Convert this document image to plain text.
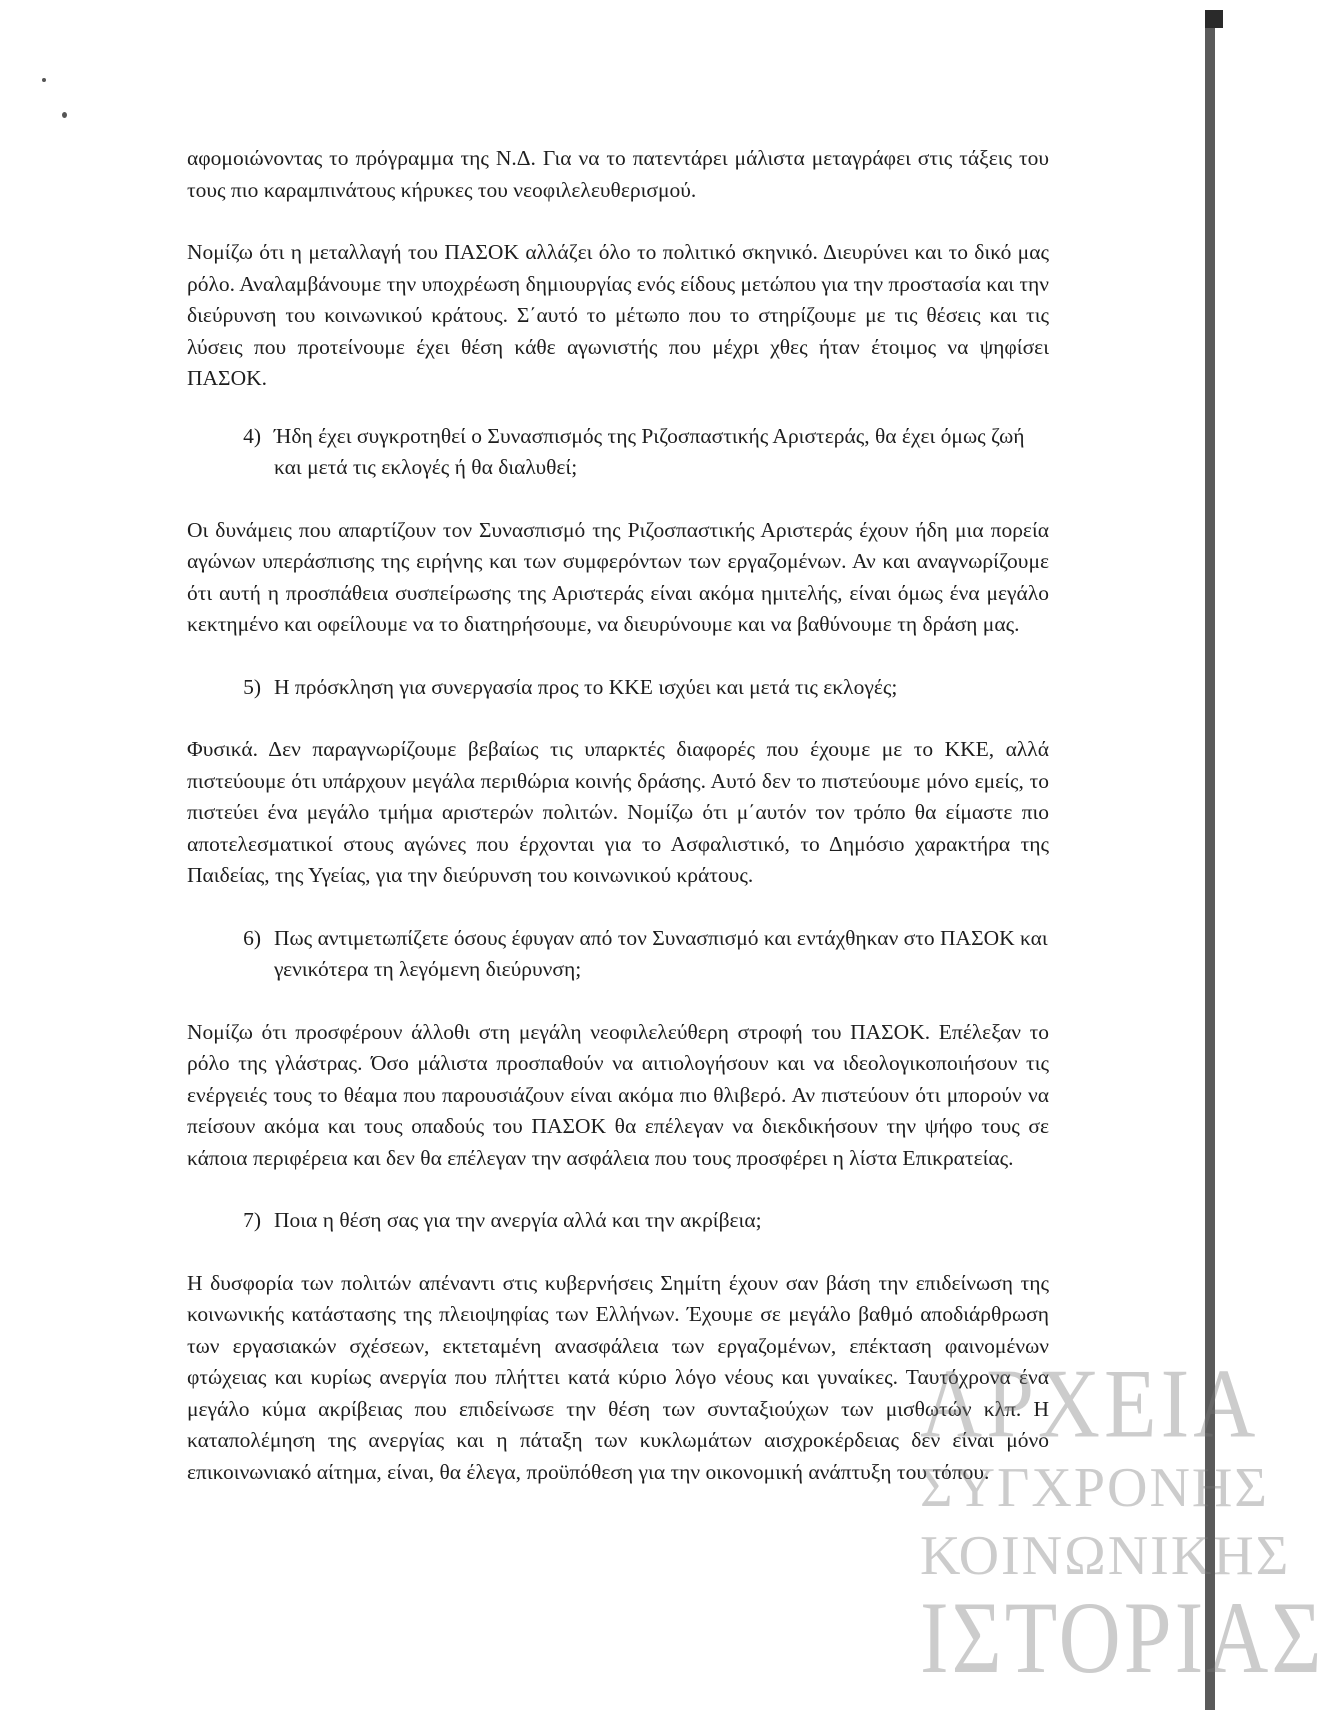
αφομοιώνοντας το πρόγραμμα της Ν.Δ. Για να το πατεντάρει μάλιστα μεταγράφει στις τάξεις του τους πιο καραμπινάτους κήρυκες του νεοφιλελευθερισμού.

Νομίζω ότι η μεταλλαγή του ΠΑΣΟΚ αλλάζει όλο το πολιτικό σκηνικό. Διευρύνει και το δικό μας ρόλο. Αναλαμβάνουμε την υποχρέωση δημιουργίας ενός είδους μετώπου για την προστασία και την διεύρυνση του κοινωνικού κράτους. Σ΄αυτό το μέτωπο που το στηρίζουμε με τις θέσεις και τις λύσεις που προτείνουμε έχει θέση κάθε αγωνιστής που μέχρι χθες ήταν έτοιμος να ψηφίσει ΠΑΣΟΚ.

4) Ήδη έχει συγκροτηθεί ο Συνασπισμός της Ριζοσπαστικής Αριστεράς, θα έχει όμως ζωή και μετά τις εκλογές ή θα διαλυθεί;

Οι δυνάμεις που απαρτίζουν τον Συνασπισμό της Ριζοσπαστικής Αριστεράς έχουν ήδη μια πορεία αγώνων υπεράσπισης της ειρήνης και των συμφερόντων των εργαζομένων. Αν και αναγνωρίζουμε ότι αυτή η προσπάθεια συσπείρωσης της Αριστεράς είναι ακόμα ημιτελής, είναι όμως ένα μεγάλο κεκτημένο και οφείλουμε να το διατηρήσουμε, να διευρύνουμε και να βαθύνουμε τη δράση μας.

5) Η πρόσκληση για συνεργασία προς το ΚΚΕ ισχύει και μετά τις εκλογές;

Φυσικά. Δεν παραγνωρίζουμε βεβαίως τις υπαρκτές διαφορές που έχουμε με το ΚΚΕ, αλλά πιστεύουμε ότι υπάρχουν μεγάλα περιθώρια κοινής δράσης. Αυτό δεν το πιστεύουμε μόνο εμείς, το πιστεύει ένα μεγάλο τμήμα αριστερών πολιτών. Νομίζω ότι μ΄αυτόν τον τρόπο θα είμαστε πιο αποτελεσματικοί στους αγώνες που έρχονται για το Ασφαλιστικό, το Δημόσιο χαρακτήρα της Παιδείας, της Υγείας, για την διεύρυνση του κοινωνικού κράτους.

6) Πως αντιμετωπίζετε όσους έφυγαν από τον Συνασπισμό και εντάχθηκαν στο ΠΑΣΟΚ και γενικότερα τη λεγόμενη διεύρυνση;

Νομίζω ότι προσφέρουν άλλοθι στη μεγάλη νεοφιλελεύθερη στροφή του ΠΑΣΟΚ. Επέλεξαν το ρόλο της γλάστρας. Όσο μάλιστα προσπαθούν να αιτιολογήσουν και να ιδεολογικοποιήσουν τις ενέργειές τους το θέαμα που παρουσιάζουν είναι ακόμα πιο θλιβερό. Αν πιστεύουν ότι μπορούν να πείσουν ακόμα και τους οπαδούς του ΠΑΣΟΚ θα επέλεγαν να διεκδικήσουν την ψήφο τους σε κάποια περιφέρεια και δεν θα επέλεγαν την ασφάλεια που τους προσφέρει η λίστα Επικρατείας.

7) Ποια η θέση σας για την ανεργία αλλά και την ακρίβεια;

Η δυσφορία των πολιτών απέναντι στις κυβερνήσεις Σημίτη έχουν σαν βάση την επιδείνωση της κοινωνικής κατάστασης της πλειοψηφίας των Ελλήνων. Έχουμε σε μεγάλο βαθμό αποδιάρθρωση των εργασιακών σχέσεων, εκτεταμένη ανασφάλεια των εργαζομένων, επέκταση φαινομένων φτώχειας και κυρίως ανεργία που πλήττει κατά κύριο λόγο νέους και γυναίκες. Ταυτόχρονα ένα μεγάλο κύμα ακρίβειας που επιδείνωσε την θέση των συνταξιούχων των μισθωτών κλπ. Η καταπολέμηση της ανεργίας και η πάταξη των κυκλωμάτων αισχροκέρδειας δεν είναι μόνο επικοινωνιακό αίτημα, είναι, θα έλεγα, προϋπόθεση για την οικονομική ανάπτυξη του τόπου.

ΑΡΧΕΙΑ
ΣΥΓΧΡΟΝΗΣ
ΚΟΙΝΩΝΙΚΗΣ
ΙΣΤΟΡΙΑΣ
